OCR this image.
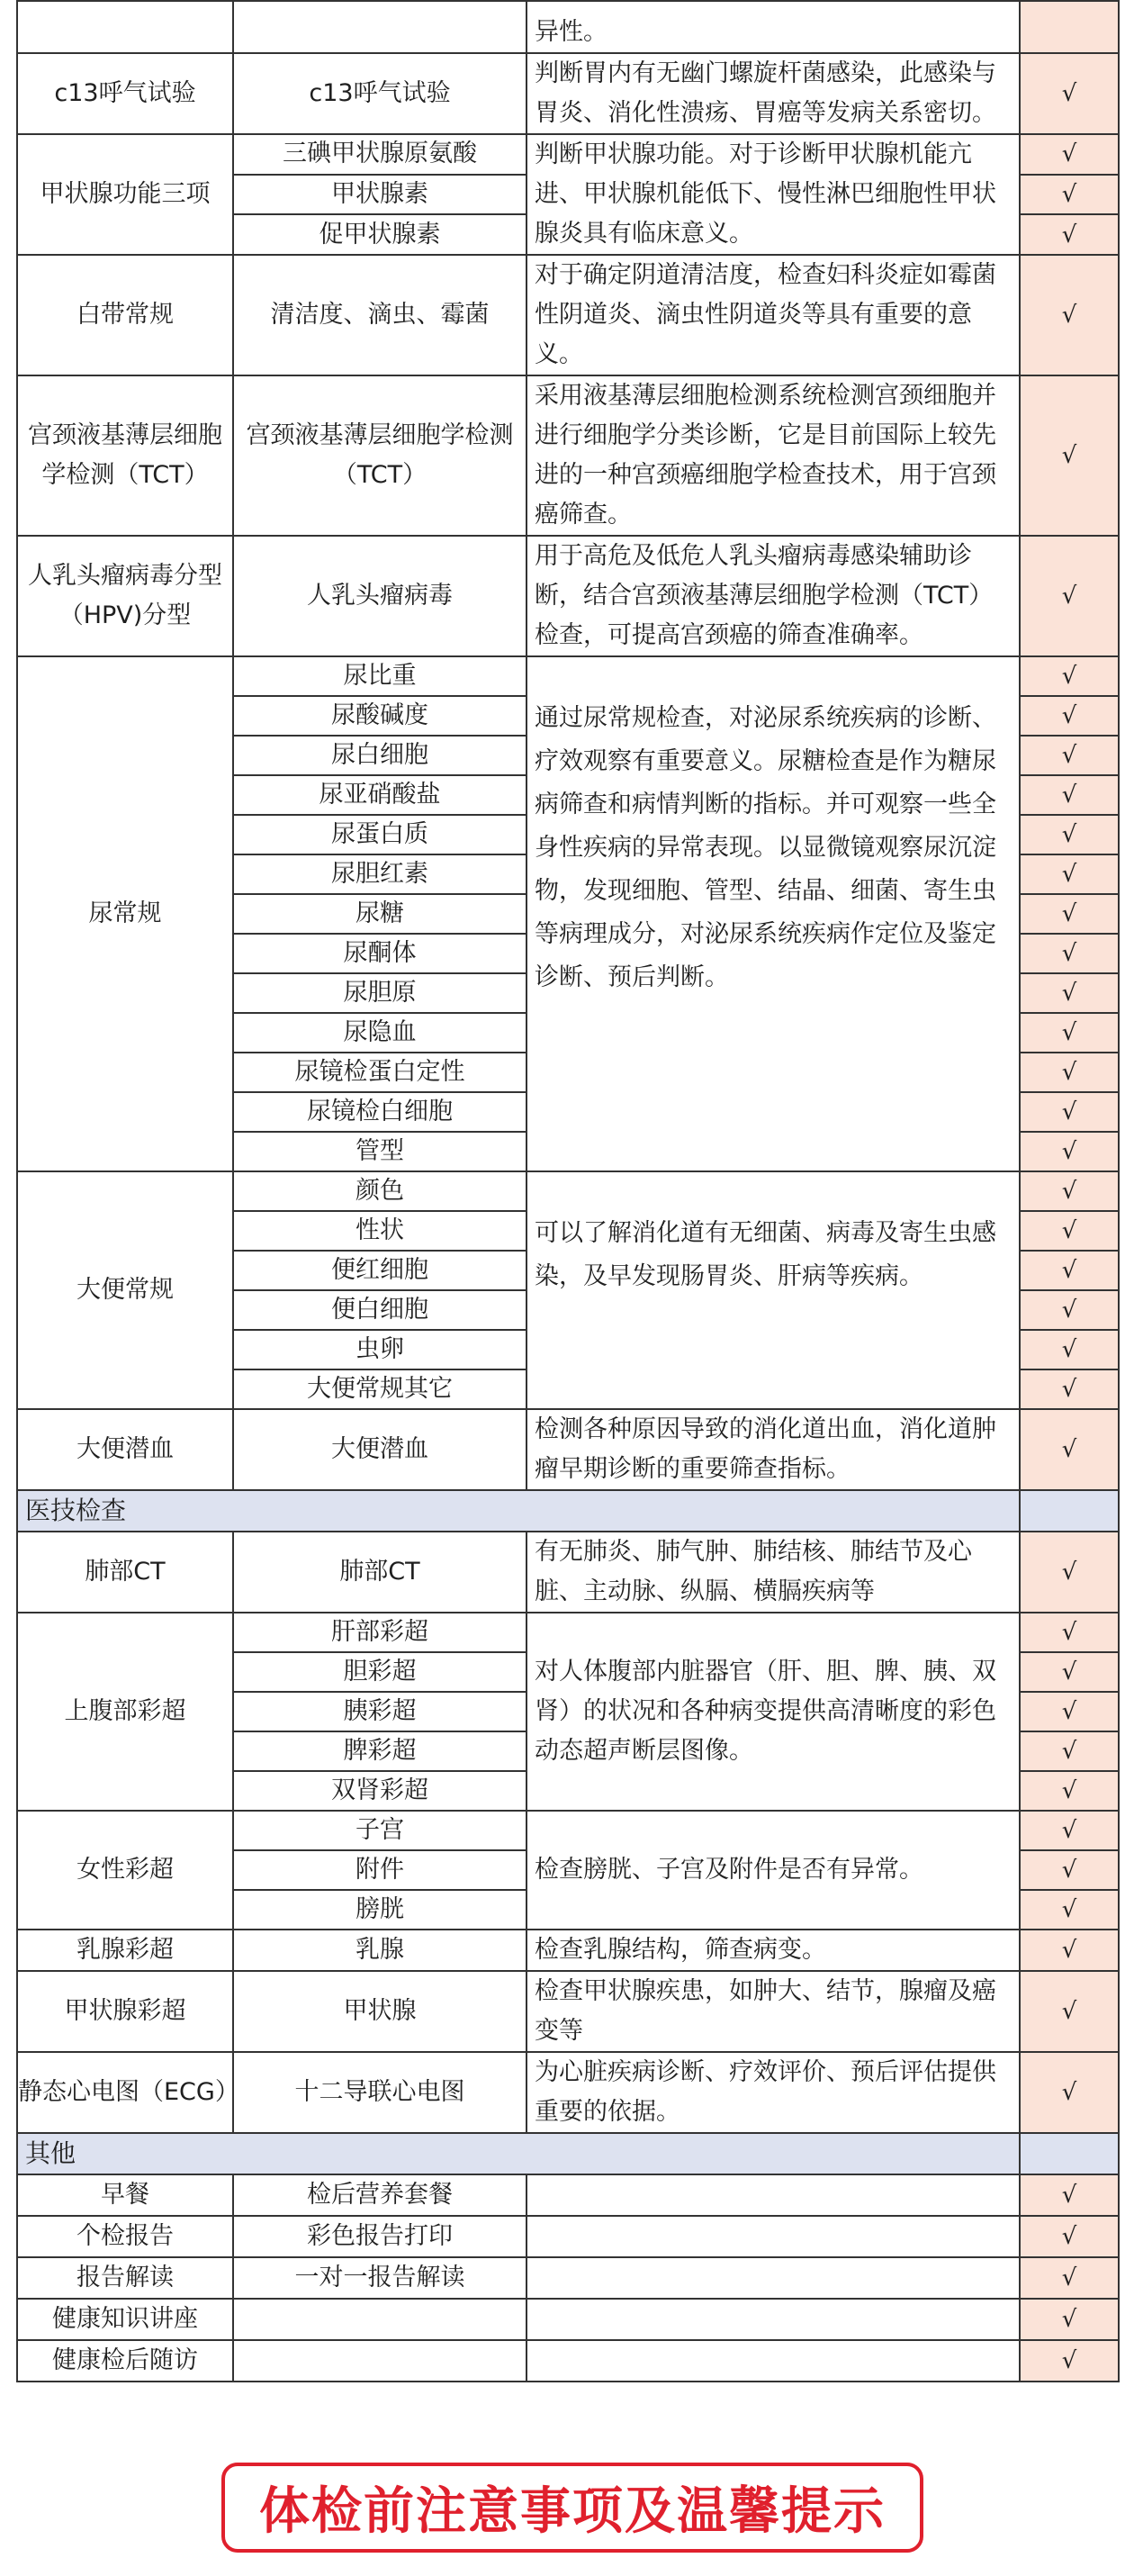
		异性。	
c13呼气试验	c13呼气试验	判断胃内有无幽门螺旋杆菌感染，此感染与胃炎、消化性溃疡、胃癌等发病关系密切。	√
甲状腺功能三项	三碘甲状腺原氨酸	判断甲状腺功能。对于诊断甲状腺机能亢进、甲状腺机能低下、慢性淋巴细胞性甲状腺炎具有临床意义。	√
	甲状腺素		√
	促甲状腺素		√
白带常规	清洁度、滴虫、霉菌	对于确定阴道清洁度，检查妇科炎症如霉菌性阴道炎、滴虫性阴道炎等具有重要的意义。	√
宫颈液基薄层细胞学检测（TCT）	宫颈液基薄层细胞学检测（TCT）	采用液基薄层细胞检测系统检测宫颈细胞并进行细胞学分类诊断，它是目前国际上较先进的一种宫颈癌细胞学检查技术，用于宫颈癌筛查。	√
人乳头瘤病毒分型（HPV)分型	人乳头瘤病毒	用于高危及低危人乳头瘤病毒感染辅助诊断，结合宫颈液基薄层细胞学检测（TCT）检查，可提高宫颈癌的筛查准确率。	√
尿常规	尿比重	通过尿常规检查，对泌尿系统疾病的诊断、疗效观察有重要意义。尿糖检查是作为糖尿病筛查和病情判断的指标。并可观察一些全身性疾病的异常表现。以显微镜观察尿沉淀物，发现细胞、管型、结晶、细菌、寄生虫等病理成分，对泌尿系统疾病作定位及鉴定诊断、预后判断。	√
	尿酸碱度		√
	尿白细胞		√
	尿亚硝酸盐		√
	尿蛋白质		√
	尿胆红素		√
	尿糖		√
	尿酮体		√
	尿胆原		√
	尿隐血		√
	尿镜检蛋白定性		√
	尿镜检白细胞		√
	管型		√
大便常规	颜色	可以了解消化道有无细菌、病毒及寄生虫感染，及早发现肠胃炎、肝病等疾病。	√
	性状		√
	便红细胞		√
	便白细胞		√
	虫卵		√
	大便常规其它		√
大便潜血	大便潜血	检测各种原因导致的消化道出血，消化道肿瘤早期诊断的重要筛查指标。	√
医技检查			
肺部CT	肺部CT	有无肺炎、肺气肿、肺结核、肺结节及心脏、主动脉、纵膈、横膈疾病等	√
上腹部彩超	肝部彩超	对人体腹部内脏器官（肝、胆、脾、胰、双肾）的状况和各种病变提供高清晰度的彩色动态超声断层图像。	√
	胆彩超		√
	胰彩超		√
	脾彩超		√
	双肾彩超		√
女性彩超	子宫	检查膀胱、子宫及附件是否有异常。	√
	附件		√
	膀胱		√
乳腺彩超	乳腺	检查乳腺结构，筛查病变。	√
甲状腺彩超	甲状腺	检查甲状腺疾患，如肿大、结节，腺瘤及癌变等	√
静态心电图（ECG）	十二导联心电图	为心脏疾病诊断、疗效评价、预后评估提供重要的依据。	√
其他			
早餐	检后营养套餐		√
个检报告	彩色报告打印		√
报告解读	一对一报告解读		√
健康知识讲座			√
健康检后随访			√
体检前注意事项及温馨提示
